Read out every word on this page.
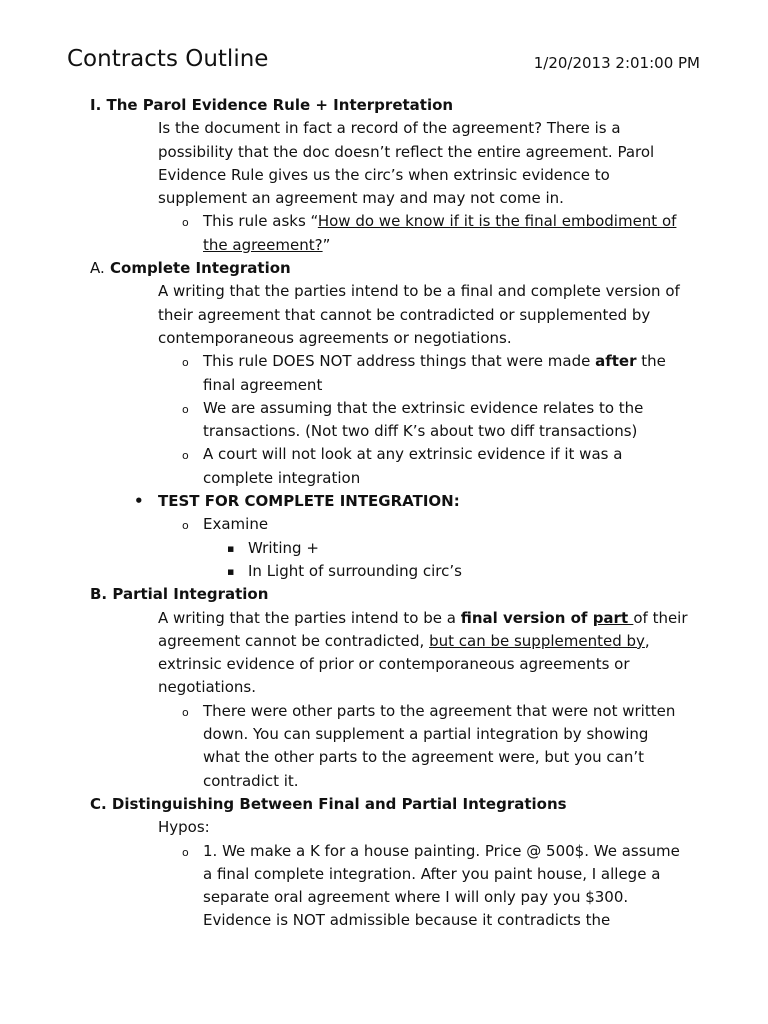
Contracts Outline	1/20/2013 2:01:00 PM
I. The Parol Evidence Rule + Interpretation
Is the document in fact a record of the agreement? There is a possibility that the doc doesn’t reflect the entire agreement. Parol Evidence Rule gives us the circ’s when extrinsic evidence to supplement an agreement may and may not come in.
o This rule asks “How do we know if it is the final embodiment of the agreement?”
A. Complete Integration
A writing that the parties intend to be a final and complete version of their agreement that cannot be contradicted or supplemented by contemporaneous agreements or negotiations.
o This rule DOES NOT address things that were made after the final agreement
o We are assuming that the extrinsic evidence relates to the transactions. (Not two diff K’s about two diff transactions)
o A court will not look at any extrinsic evidence if it was a complete integration
• TEST FOR COMPLETE INTEGRATION:
o Examine
▪ Writing +
▪ In Light of surrounding circ’s
B. Partial Integration
A writing that the parties intend to be a final version of part of their agreement cannot be contradicted, but can be supplemented by, extrinsic evidence of prior or contemporaneous agreements or negotiations.
o There were other parts to the agreement that were not written down. You can supplement a partial integration by showing what the other parts to the agreement were, but you can’t contradict it.
C. Distinguishing Between Final and Partial Integrations
Hypos:
o 1. We make a K for a house painting. Price @ 500$. We assume a final complete integration. After you paint house, I allege a separate oral agreement where I will only pay you $300. Evidence is NOT admissible because it contradicts the
